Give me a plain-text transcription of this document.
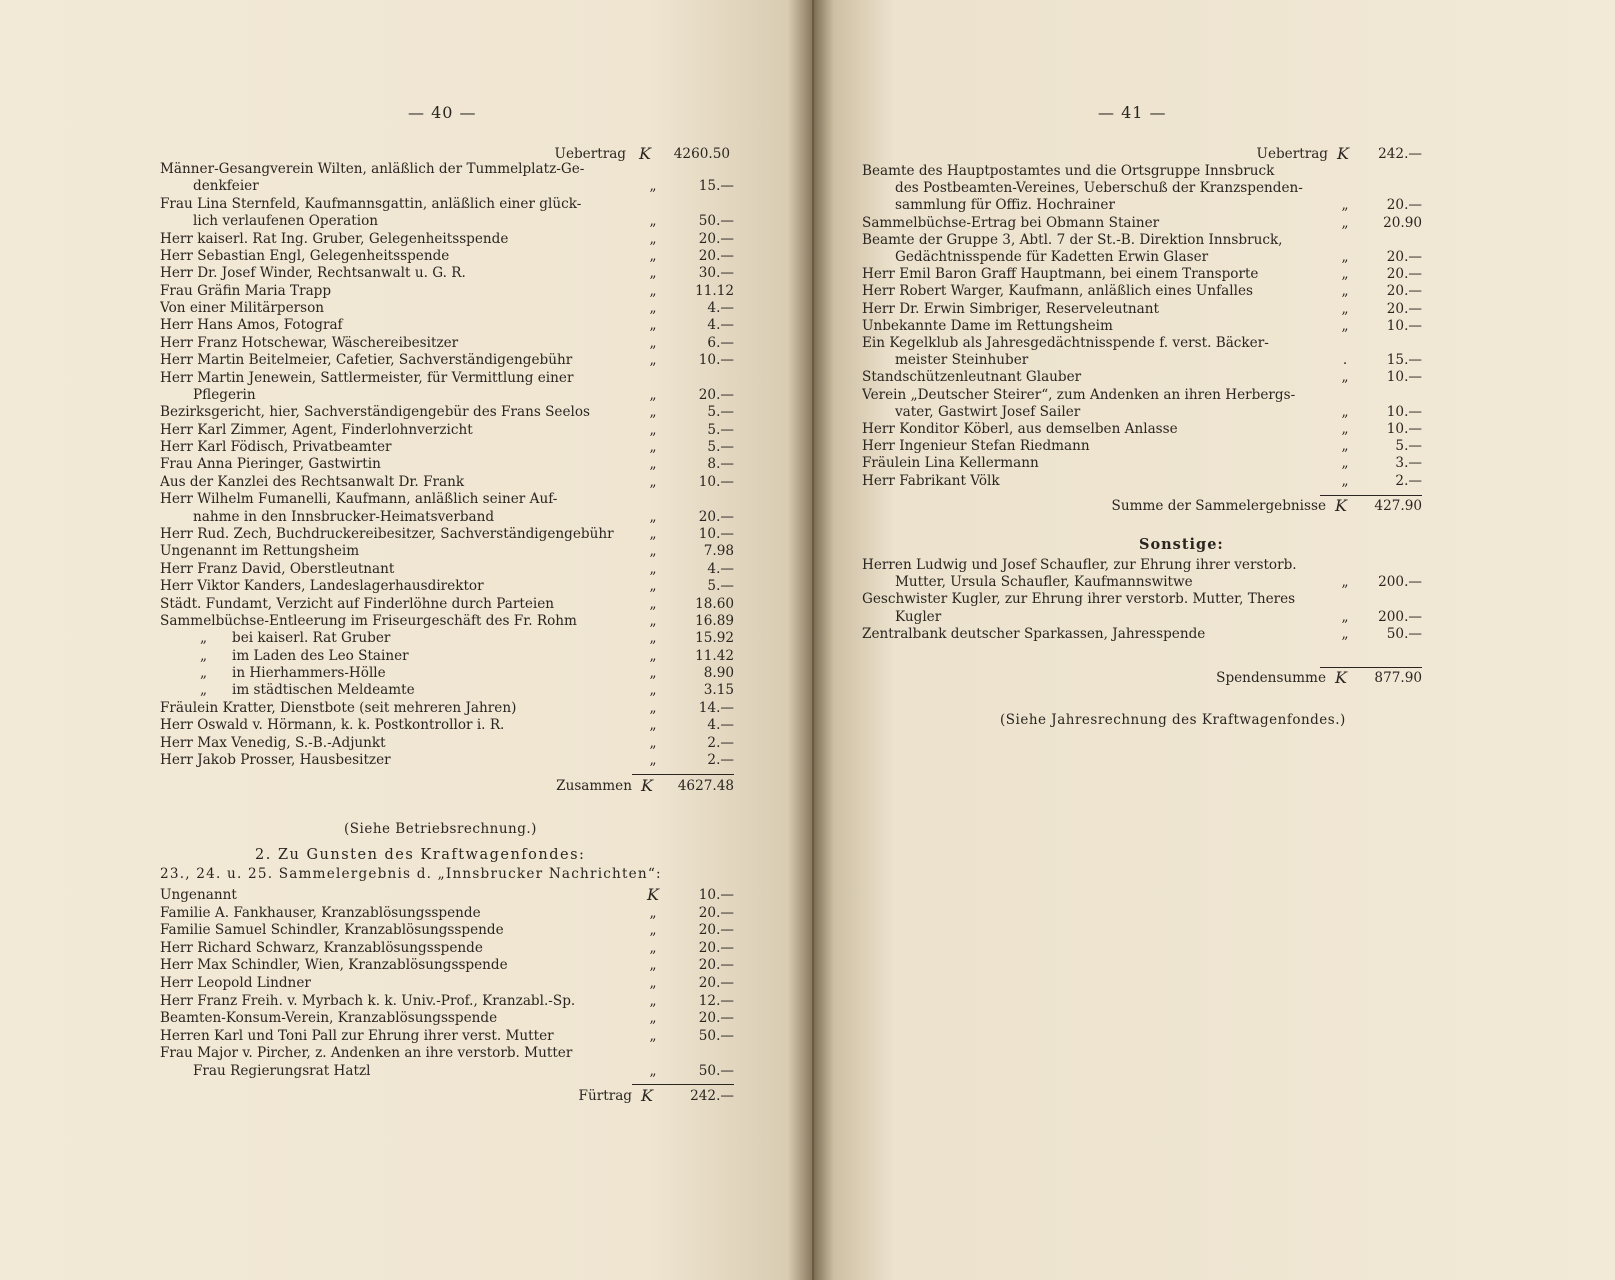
— 40 —
Uebertrag K	4260.50
Männer-Gesangverein Wilten, anläßlich der Tummelplatz-Ge-
denkfeier	„	15.—
Frau Lina Sternfeld, Kaufmannsgattin, anläßlich einer glück-
lich verlaufenen Operation	„	50.—
Herr kaiserl. Rat Ing. Gruber, Gelegenheitsspende	„	20.—
Herr Sebastian Engl, Gelegenheitsspende	„	20.—
Herr Dr. Josef Winder, Rechtsanwalt u. G. R.	„	30.—
Frau Gräfin Maria Trapp	„	11.12
Von einer Militärperson	„	4.—
Herr Hans Amos, Fotograf	„	4.—
Herr Franz Hotschewar, Wäschereibesitzer	„	6.—
Herr Martin Beitelmeier, Cafetier, Sachverständigengebühr	„	10.—
Herr Martin Jenewein, Sattlermeister, für Vermittlung einer
Pflegerin	„	20.—
Bezirksgericht, hier, Sachverständigengebür des Frans Seelos	„	5.—
Herr Karl Zimmer, Agent, Finderlohnverzicht	„	5.—
Herr Karl Födisch, Privatbeamter	„	5.—
Frau Anna Pieringer, Gastwirtin	„	8.—
Aus der Kanzlei des Rechtsanwalt Dr. Frank	„	10.—
Herr Wilhelm Fumanelli, Kaufmann, anläßlich seiner Auf-
nahme in den Innsbrucker-Heimatsverband	„	20.—
Herr Rud. Zech, Buchdruckereibesitzer, Sachverständigengebühr	„	10.—
Ungenannt im Rettungsheim	„	7.98
Herr Franz David, Oberstleutnant	„	4.—
Herr Viktor Kanders, Landeslagerhausdirektor	„	5.—
Städt. Fundamt, Verzicht auf Finderlöhne durch Parteien	„	18.60
Sammelbüchse-Entleerung im Friseurgeschäft des Fr. Rohm	„	16.89
„ bei kaiserl. Rat Gruber	„	15.92
„ im Laden des Leo Stainer	„	11.42
„ in Hierhammers-Hölle	„	8.90
„ im städtischen Meldeamte	„	3.15
Fräulein Kratter, Dienstbote (seit mehreren Jahren)	„	14.—
Herr Oswald v. Hörmann, k. k. Postkontrollor i. R.	„	4.—
Herr Max Venedig, S.-B.-Adjunkt	„	2.—
Herr Jakob Prosser, Hausbesitzer	„	2.—
Zusammen K	4627.48
(Siehe Betriebsrechnung.)
2. Zu Gunsten des Kraftwagenfondes:
23., 24. u. 25. Sammelergebnis d. „Innsbrucker Nachrichten“:
Ungenannt	K	10.—
Familie A. Fankhauser, Kranzablösungsspende	„	20.—
Familie Samuel Schindler, Kranzablösungsspende	„	20.—
Herr Richard Schwarz, Kranzablösungsspende	„	20.—
Herr Max Schindler, Wien, Kranzablösungsspende	„	20.—
Herr Leopold Lindner	„	20.—
Herr Franz Freih. v. Myrbach k. k. Univ.-Prof., Kranzabl.-Sp.	„	12.—
Beamten-Konsum-Verein, Kranzablösungsspende	„	20.—
Herren Karl und Toni Pall zur Ehrung ihrer verst. Mutter	„	50.—
Frau Major v. Pircher, z. Andenken an ihre verstorb. Mutter
Frau Regierungsrat Hatzl	„	50.—
Fürtrag K	242.—
— 41 —
Uebertrag K	242.—
Beamte des Hauptpostamtes und die Ortsgruppe Innsbruck
des Postbeamten-Vereines, Ueberschuß der Kranzspenden-
sammlung für Offiz. Hochrainer	„	20.—
Sammelbüchse-Ertrag bei Obmann Stainer	„	20.90
Beamte der Gruppe 3, Abtl. 7 der St.-B. Direktion Innsbruck,
Gedächtnisspende für Kadetten Erwin Glaser	„	20.—
Herr Emil Baron Graff Hauptmann, bei einem Transporte	„	20.—
Herr Robert Warger, Kaufmann, anläßlich eines Unfalles	„	20.—
Herr Dr. Erwin Simbriger, Reserveleutnant	„	20.—
Unbekannte Dame im Rettungsheim	„	10.—
Ein Kegelklub als Jahresgedächtnisspende f. verst. Bäcker-
meister Steinhuber	.	15.—
Standschützenleutnant Glauber	„	10.—
Verein „Deutscher Steirer“, zum Andenken an ihren Herbergs-
vater, Gastwirt Josef Sailer	„	10.—
Herr Konditor Köberl, aus demselben Anlasse	„	10.—
Herr Ingenieur Stefan Riedmann	„	5.—
Fräulein Lina Kellermann	„	3.—
Herr Fabrikant Völk	„	2.—
Summe der Sammelergebnisse K	427.90
Sonstige:
Herren Ludwig und Josef Schaufler, zur Ehrung ihrer verstorb.
Mutter, Ursula Schaufler, Kaufmannswitwe	„	200.—
Geschwister Kugler, zur Ehrung ihrer verstorb. Mutter, Theres
Kugler	„	200.—
Zentralbank deutscher Sparkassen, Jahresspende	„	50.—
Spendensumme K	877.90
(Siehe Jahresrechnung des Kraftwagenfondes.)
